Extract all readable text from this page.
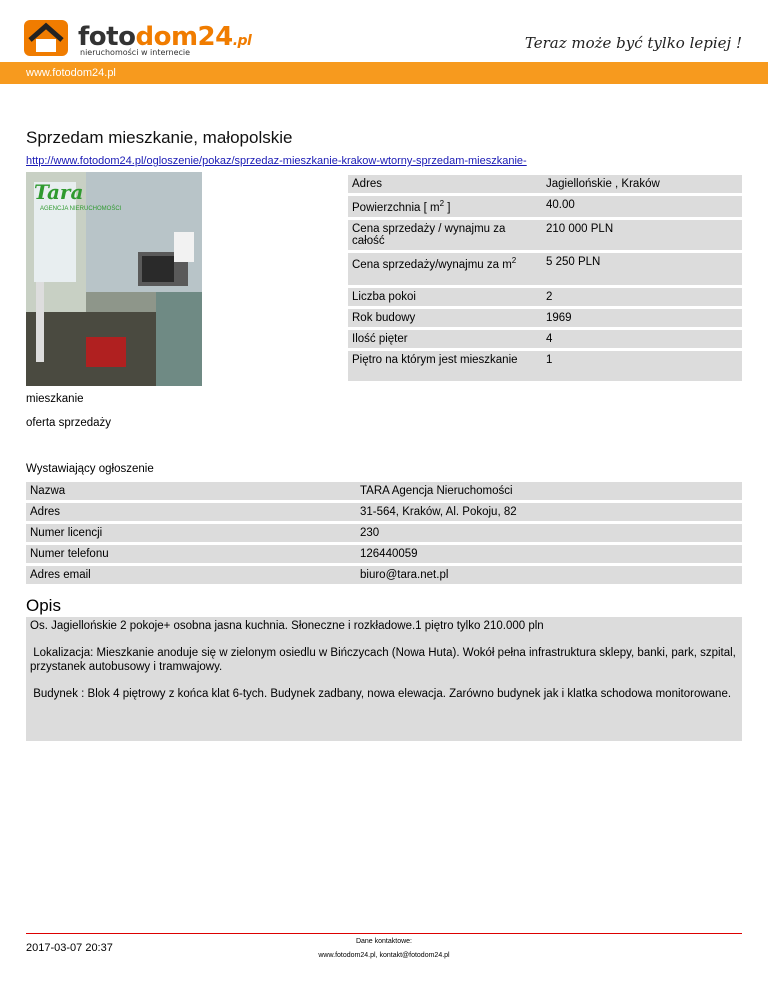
fotodom24.pl
nieruchomości w internecie
Teraz może być tylko lepiej !
www.fotodom24.pl
Sprzedam mieszkanie, małopolskie
http://www.fotodom24.pl/ogloszenie/pokaz/sprzedaz-mieszkanie-krakow-wtorny-sprzedam-mieszkanie-
Tara
AGENCJA NIERUCHOMOŚCI
Adres	Jagiellońskie , Kraków
Powierzchnia [ $m^2$ ]	40.00
Cena sprzedaży / wynajmu za całość	210 000 PLN
Cena sprzedaży/wynajmu za $m^2$	5 250 PLN
Liczba pokoi	2
Rok budowy	1969
Ilość pięter	4
Piętro na którym jest mieszkanie	1
mieszkanie
oferta sprzedaży
Wystawiający ogłoszenie
Nazwa	TARA Agencja Nieruchomości
Adres	31-564, Kraków, Al. Pokoju, 82
Numer licencji	230
Numer telefonu	126440059
Adres email	biuro@tara.net.pl
Opis

Os. Jagiellońskie 2 pokoje+ osobna jasna kuchnia. Słoneczne i rozkładowe.1 piętro tylko 210.000 pln

Lokalizacja: Mieszkanie anoduje się w zielonym osiedlu w Bińczycach (Nowa Huta). Wokół pełna infrastruktura sklepy, banki, park, szpital, przystanek autobusowy i tramwajowy.

Budynek : Blok 4 piętrowy z końca klat 6-tych. Budynek zadbany, nowa elewacja. Zarówno budynek jak i klatka schodowa monitorowane.

2017-03-07 20:37
Dane kontaktowe:
www.fotodom24.pl, kontakt@fotodom24.pl
